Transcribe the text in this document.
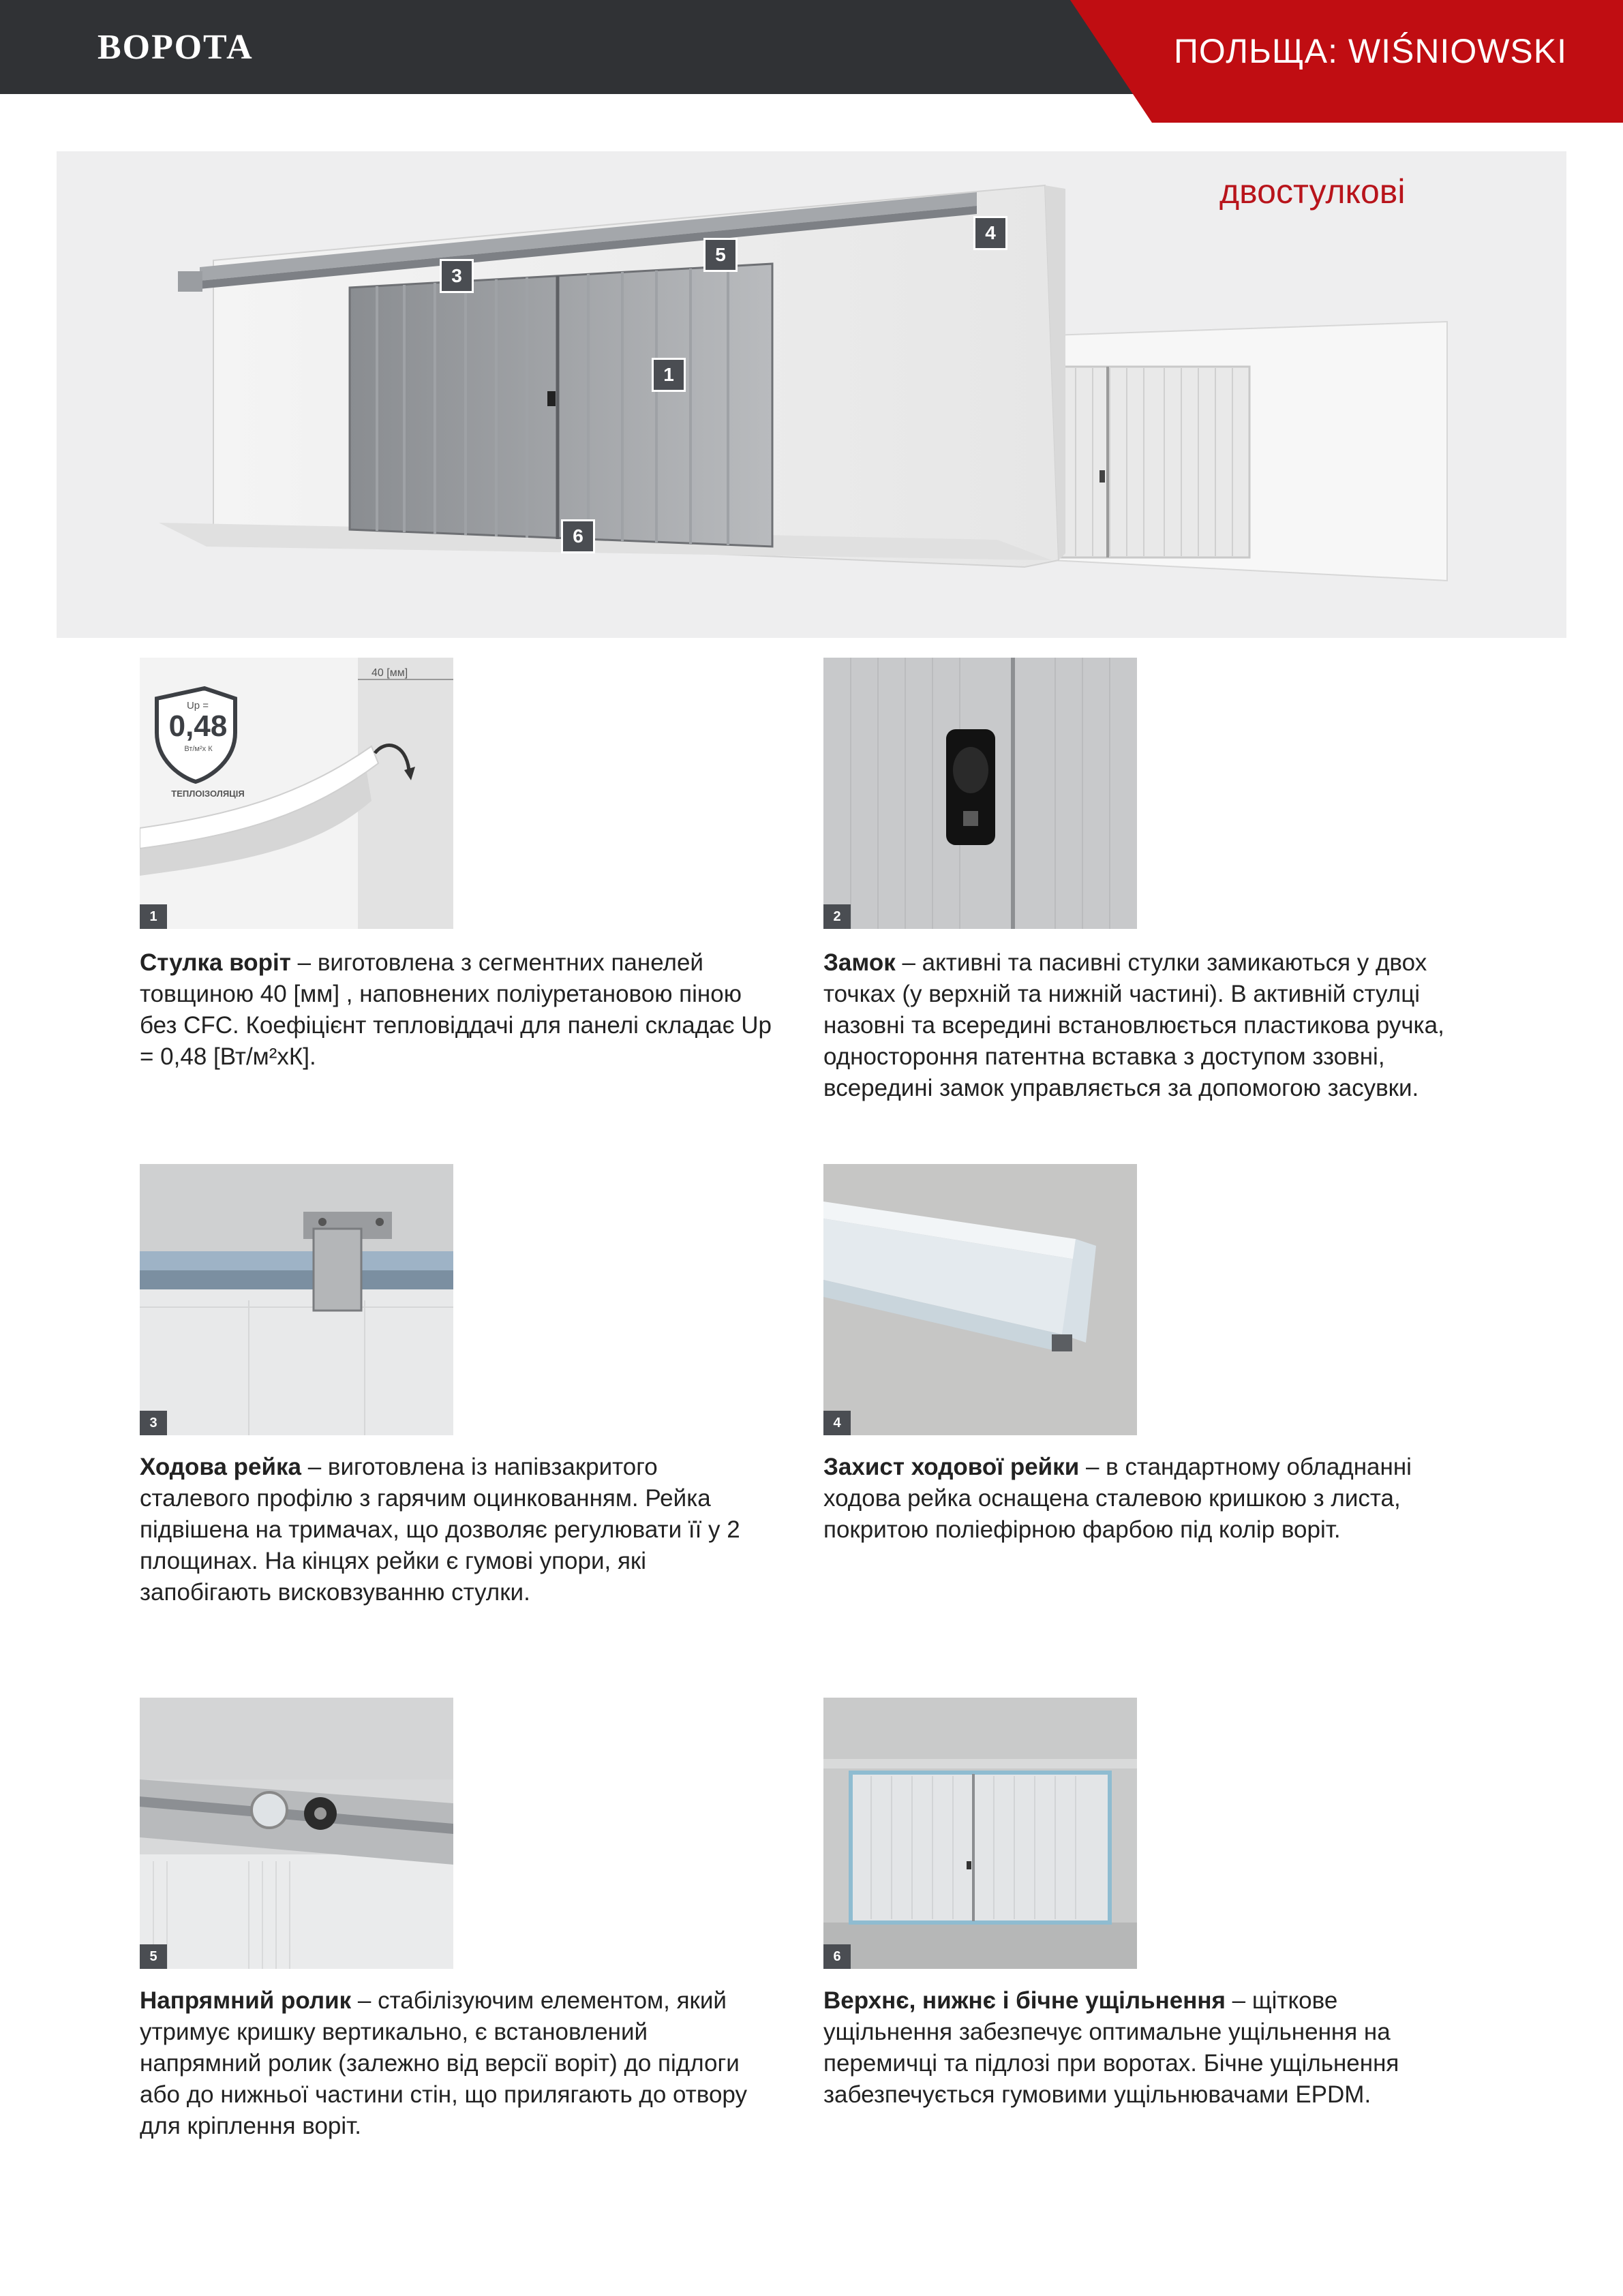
ВОРОТА	ПОЛЬЩА: WIŚNIOWSKI
двостулкові
1
3
5
4
6
Up =
0,48
Вт/м²х К
ТЕПЛОІЗОЛЯЦІЯ
40 [мм]
1	2
3	4
5	6
Стулка воріт – виготовлена з сегментних панелей товщиною 40 [мм] , наповнених поліуретановою піною без CFC. Коефіцієнт тепловіддачі для панелі складає Up = 0,48 [Вт/м²хК].
Замок – активні та пасивні стулки замикаються у двох точках (у верхній та нижній частині). В активній стулці назовні та всередині встановлюється пластикова ручка, одностороння патентна вставка з доступом ззовні, всередині замок управляється за допомогою засувки.
Ходова рейка – виготовлена із напівзакритого сталевого профілю з гарячим оцинкованням. Рейка підвішена на тримачах, що дозволяє регулювати її у 2 площинах. На кінцях рейки є гумові упори, які запобігають висковзуванню стулки.
Захист ходової рейки – в стандартному обладнанні ходова рейка оснащена сталевою кришкою з листа, покритою поліефірною фарбою під колір воріт.
Напрямний ролик – стабілізуючим елементом, який утримує кришку вертикально, є встановлений напрямний ролик (залежно від версії воріт) до підлоги або до нижньої частини стін, що прилягають до отвору для кріплення воріт.
Верхнє, нижнє і бічне ущільнення – щіткове ущільнення забезпечує оптимальне ущільнення на перемичці та підлозі при воротах. Бічне ущільнення забезпечується гумовими ущільнювачами EPDM.
